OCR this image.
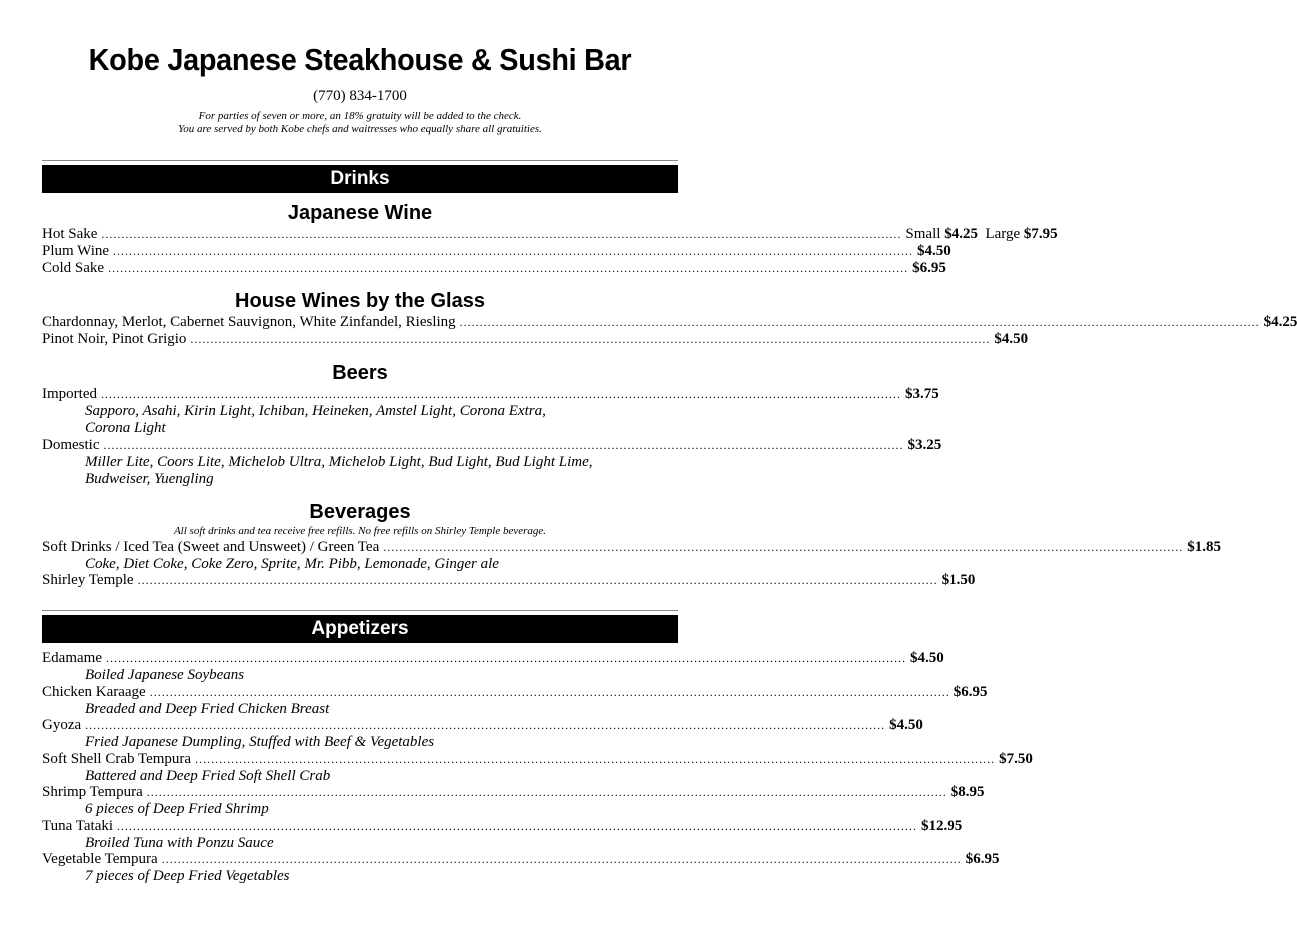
Kobe Japanese Steakhouse & Sushi Bar
(770) 834-1700
For parties of seven or more, an 18% gratuity will be added to the check.
You are served by both Kobe chefs and waitresses who equally share all gratuities.
Drinks
Japanese Wine
Hot Sake ........................................................................................................................................................................................................ Small $4.25 Large $7.95
Plum Wine ........................................................................................................................................................................................................ $4.50
Cold Sake ........................................................................................................................................................................................................ $6.95
House Wines by the Glass
Chardonnay, Merlot, Cabernet Sauvignon, White Zinfandel, Riesling ........................................................................................................................................................................................................ $4.25
Pinot Noir, Pinot Grigio ........................................................................................................................................................................................................ $4.50
Beers
Imported ........................................................................................................................................................................................................ $3.75
Sapporo, Asahi, Kirin Light, Ichiban, Heineken, Amstel Light, Corona Extra,
Corona Light
Domestic ........................................................................................................................................................................................................ $3.25
Miller Lite, Coors Lite, Michelob Ultra, Michelob Light, Bud Light, Bud Light Lime,
Budweiser, Yuengling
Beverages
All soft drinks and tea receive free refills. No free refills on Shirley Temple beverage.
Soft Drinks / Iced Tea (Sweet and Unsweet) / Green Tea ........................................................................................................................................................................................................ $1.85
Coke, Diet Coke, Coke Zero, Sprite, Mr. Pibb, Lemonade, Ginger ale
Shirley Temple ........................................................................................................................................................................................................ $1.50
Appetizers
Edamame ........................................................................................................................................................................................................ $4.50
Boiled Japanese Soybeans
Chicken Karaage ........................................................................................................................................................................................................ $6.95
Breaded and Deep Fried Chicken Breast
Gyoza ........................................................................................................................................................................................................ $4.50
Fried Japanese Dumpling, Stuffed with Beef & Vegetables
Soft Shell Crab Tempura ........................................................................................................................................................................................................ $7.50
Battered and Deep Fried Soft Shell Crab
Shrimp Tempura ........................................................................................................................................................................................................ $8.95
6 pieces of Deep Fried Shrimp
Tuna Tataki ........................................................................................................................................................................................................ $12.95
Broiled Tuna with Ponzu Sauce
Vegetable Tempura ........................................................................................................................................................................................................ $6.95
7 pieces of Deep Fried Vegetables
